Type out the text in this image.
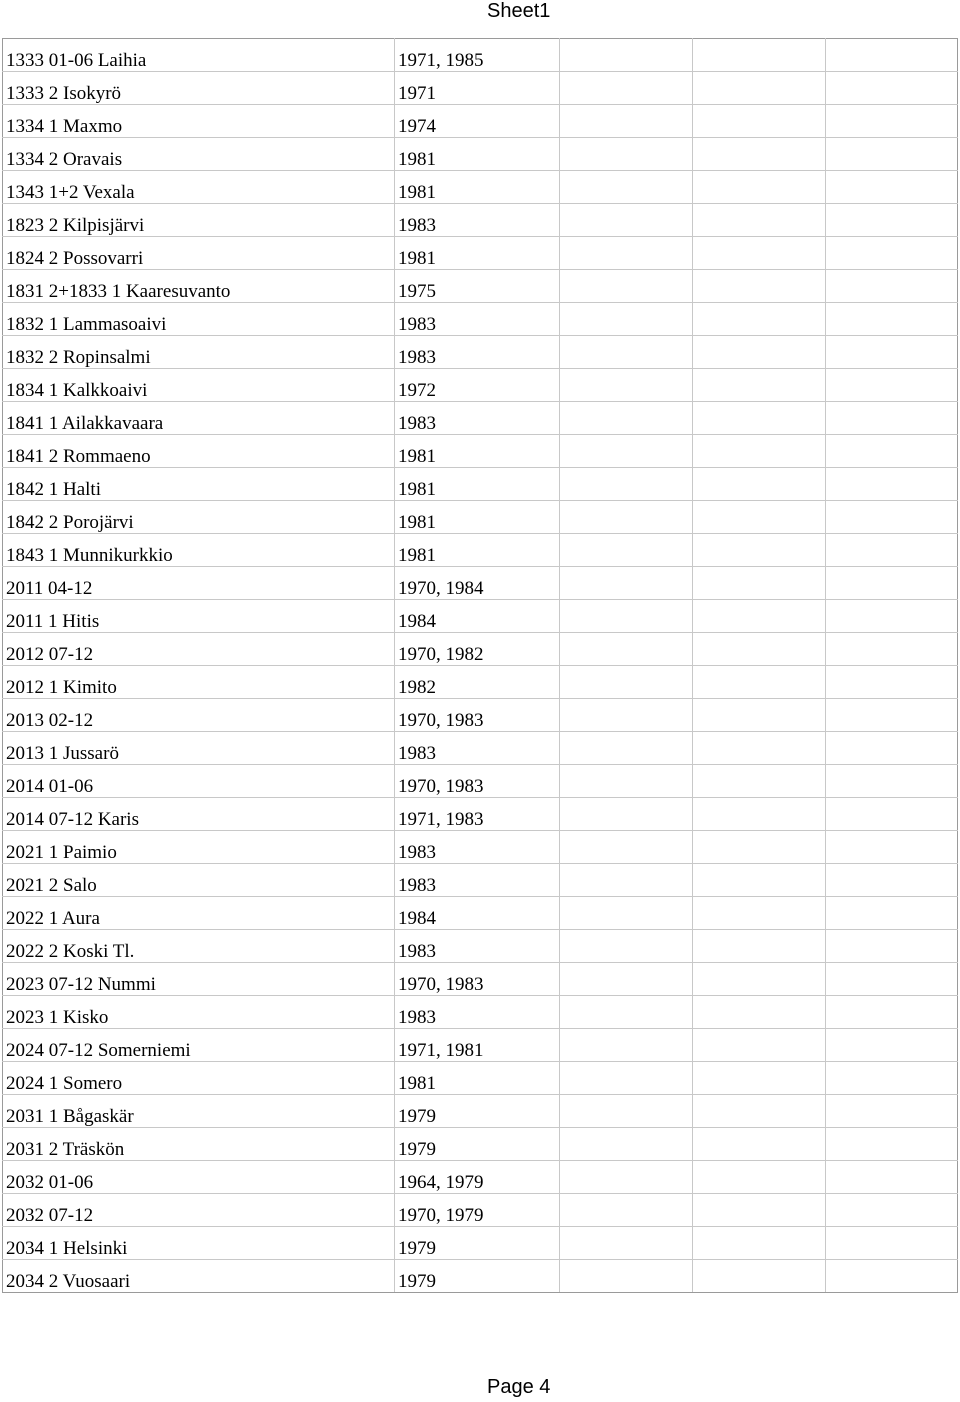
Sheet1
1333 01-06 Laihia	1971, 1985			
1333 2 Isokyrö	1971			
1334 1 Maxmo	1974			
1334 2 Oravais	1981			
1343 1+2 Vexala	1981			
1823 2 Kilpisjärvi	1983			
1824 2 Possovarri	1981			
1831 2+1833 1 Kaaresuvanto	1975			
1832 1 Lammasoaivi	1983			
1832 2 Ropinsalmi	1983			
1834 1 Kalkkoaivi	1972			
1841 1 Ailakkavaara	1983			
1841 2 Rommaeno	1981			
1842 1 Halti	1981			
1842 2 Porojärvi	1981			
1843 1 Munnikurkkio	1981			
2011 04-12	1970, 1984			
2011 1 Hitis	1984			
2012 07-12	1970, 1982			
2012 1 Kimito	1982			
2013 02-12	1970, 1983			
2013 1 Jussarö	1983			
2014 01-06	1970, 1983			
2014 07-12 Karis	1971, 1983			
2021 1 Paimio	1983			
2021 2 Salo	1983			
2022 1 Aura	1984			
2022 2 Koski Tl.	1983			
2023 07-12 Nummi	1970, 1983			
2023 1 Kisko	1983			
2024 07-12 Somerniemi	1971, 1981			
2024 1 Somero	1981			
2031 1 Bågaskär	1979			
2031 2 Träskön	1979			
2032 01-06	1964, 1979			
2032 07-12	1970, 1979			
2034 1 Helsinki	1979			
2034 2 Vuosaari	1979			
Page 4
